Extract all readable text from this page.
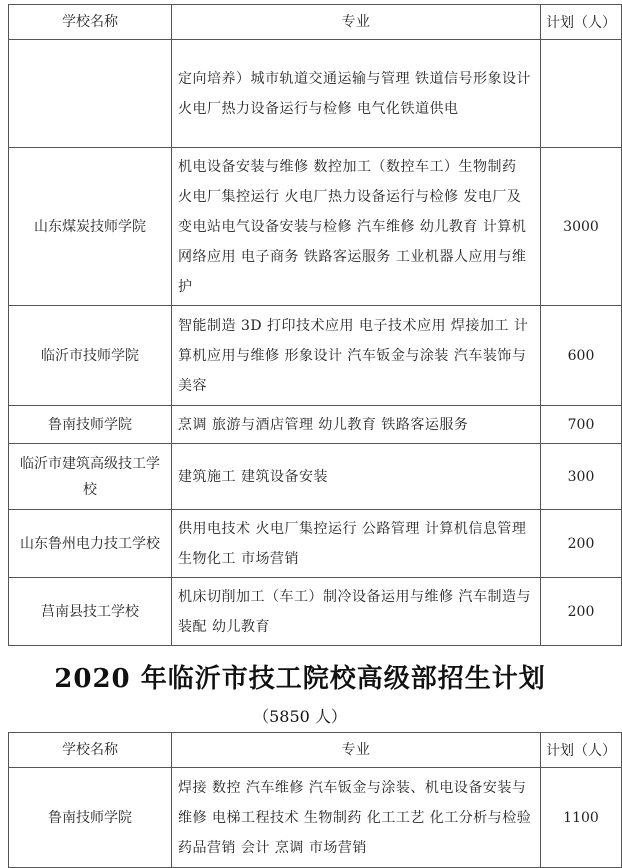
学校名称	专业	计划（人）
	定向培养）城市轨道交通运输与管理 铁道信号形象设计 火电厂热力设备运行与检修 电气化铁道供电	
山东煤炭技师学院	机电设备安装与维修 数控加工（数控车工）生物制药 火电厂集控运行 火电厂热力设备运行与检修 发电厂及变电站电气设备安装与检修 汽车维修 幼儿教育 计算机网络应用 电子商务 铁路客运服务 工业机器人应用与维护	3000
临沂市技师学院	智能制造 3D 打印技术应用 电子技术应用 焊接加工 计算机应用与维修 形象设计 汽车钣金与涂装 汽车装饰与美容	600
鲁南技师学院	烹调 旅游与酒店管理 幼儿教育 铁路客运服务	700
临沂市建筑高级技工学校	建筑施工 建筑设备安装	300
山东鲁州电力技工学校	供用电技术 火电厂集控运行 公路管理 计算机信息管理 生物化工 市场营销	200
莒南县技工学校	机床切削加工（车工）制冷设备运用与维修 汽车制造与装配 幼儿教育	200
2020 年临沂市技工院校高级部招生计划
（5850 人）
学校名称	专业	计划（人）
鲁南技师学院	焊接 数控 汽车维修 汽车钣金与涂装、机电设备安装与维修 电梯工程技术 生物制药 化工工艺 化工分析与检验 药品营销 会计 烹调 市场营销	1100
